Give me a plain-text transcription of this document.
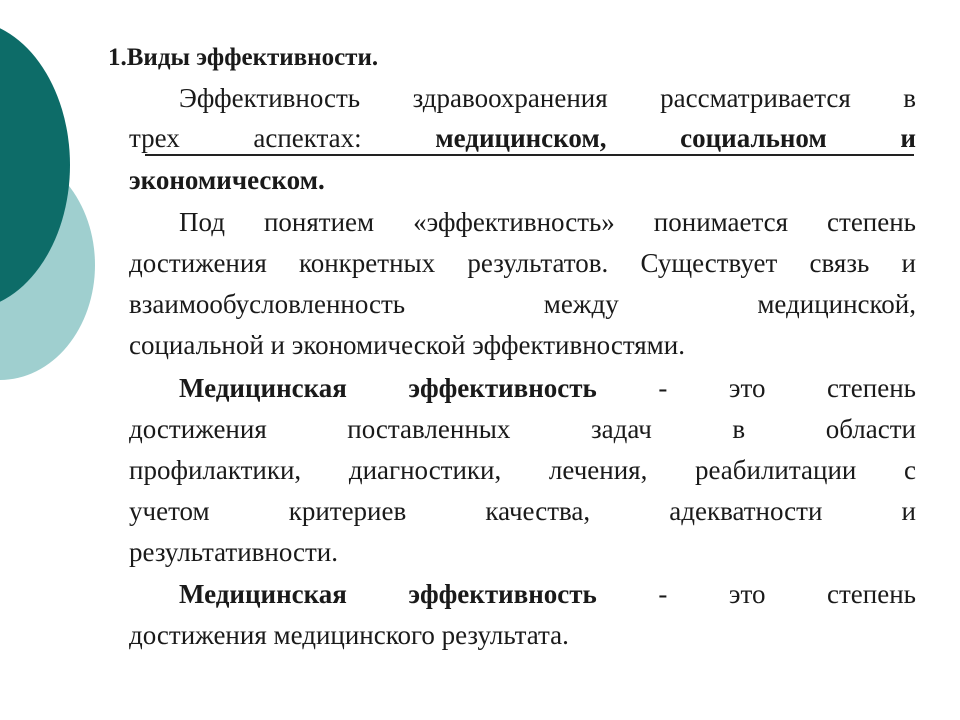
1.Виды эффективности.
Эффективность здравоохранения рассматривается в
трех аспектах: медицинском, социальном и
экономическом.
Под понятием «эффективность» понимается степень
достижения конкретных результатов. Существует связь и
взаимообусловленность между медицинской,
социальной и экономической эффективностями.
Медицинская эффективность - это степень
достижения поставленных задач в области
профилактики, диагностики, лечения, реабилитации с
учетом критериев качества, адекватности и
результативности.
Медицинская эффективность - это степень
достижения медицинского результата.
